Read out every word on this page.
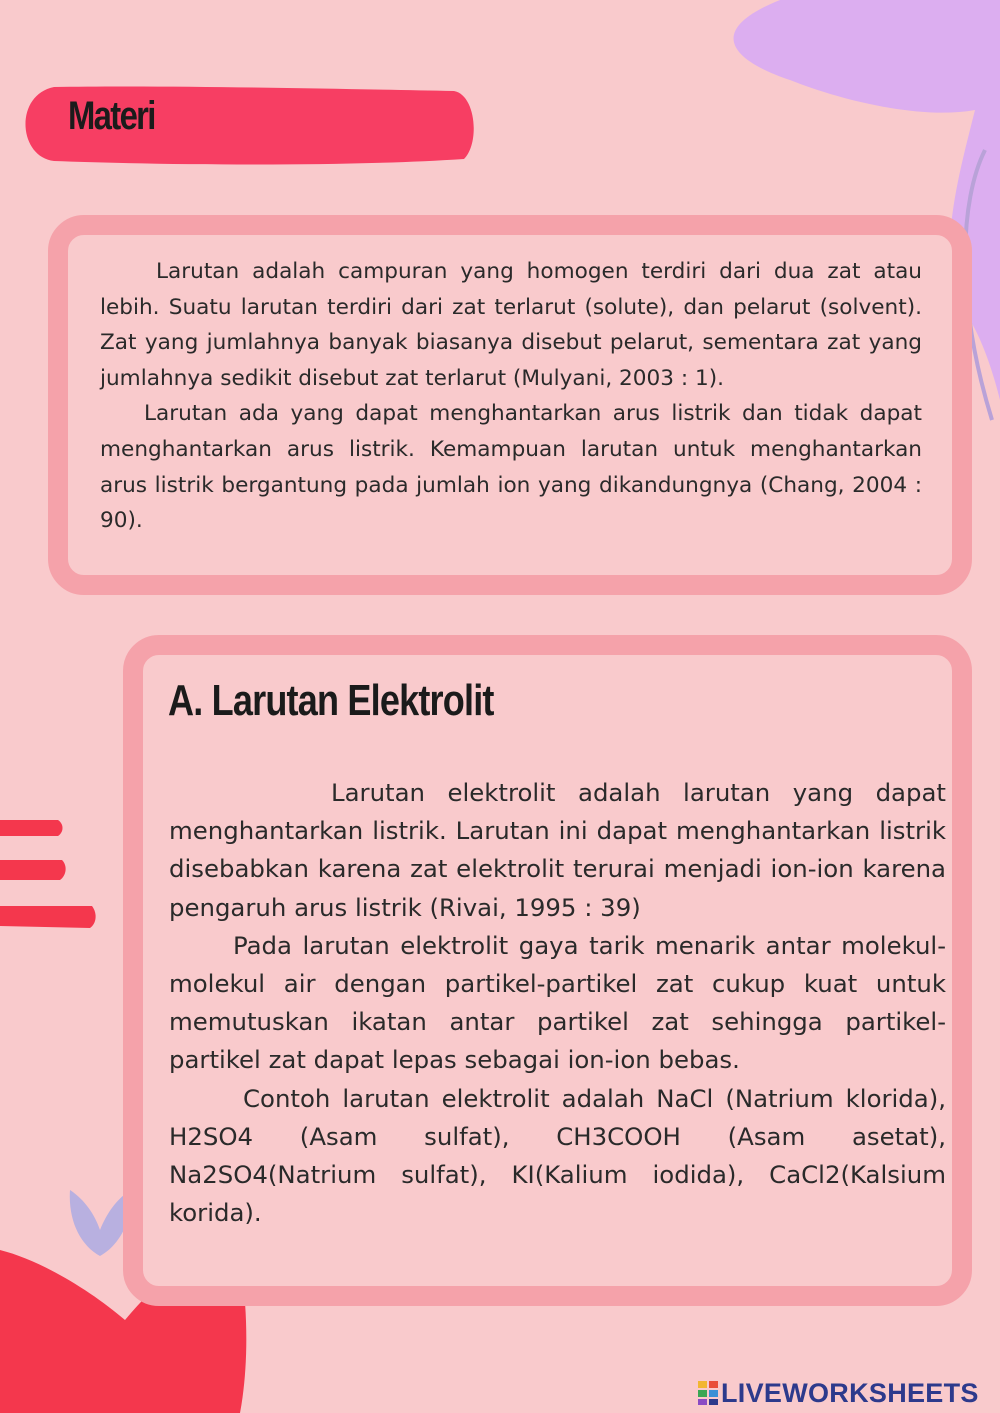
Materi

Larutan adalah campuran yang homogen terdiri dari dua zat atau lebih. Suatu larutan terdiri dari zat terlarut (solute), dan pelarut (solvent). Zat yang jumlahnya banyak biasanya disebut pelarut, sementara zat yang jumlahnya sedikit disebut zat terlarut (Mulyani, 2003 : 1).

Larutan ada yang dapat menghantarkan arus listrik dan tidak dapat menghantarkan arus listrik. Kemampuan larutan untuk menghantarkan arus listrik bergantung pada jumlah ion yang dikandungnya (Chang, 2004 : 90).

A. Larutan Elektrolit

Larutan elektrolit adalah larutan yang dapat menghantarkan listrik. Larutan ini dapat menghantarkan listrik disebabkan karena zat elektrolit terurai menjadi ion-ion karena pengaruh arus listrik (Rivai, 1995 : 39)

Pada larutan elektrolit gaya tarik menarik antar molekul-molekul air dengan partikel-partikel zat cukup kuat untuk memutuskan ikatan antar partikel zat sehingga partikel-partikel zat dapat lepas sebagai ion-ion bebas.

Contoh larutan elektrolit adalah NaCl (Natrium klorida), H2SO4 (Asam sulfat), CH3COOH (Asam asetat), Na2SO4(Natrium sulfat), KI(Kalium iodida), CaCl2(Kalsium korida).

LIVEWORKSHEETS
